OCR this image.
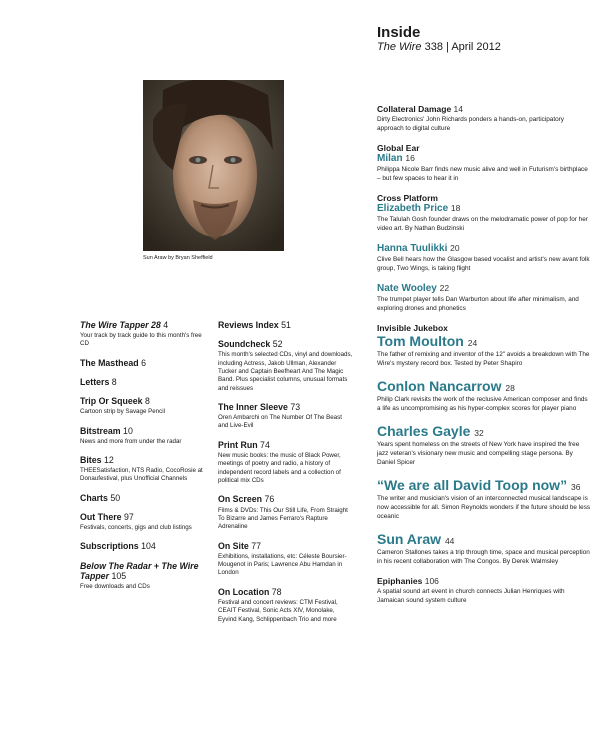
Inside
The Wire 338 | April 2012
Sun Araw by Bryan Sheffield
The Wire Tapper 28 4
Your track by track guide to this month's free CD
The Masthead 6
Letters 8
Trip Or Squeek 8
Cartoon strip by Savage Pencil
Bitstream 10
News and more from under the radar
Bites 12
THEESatisfaction, NTS Radio, CocoRosie at Donaufestival, plus Unofficial Channels
Charts 50
Out There 97
Festivals, concerts, gigs and club listings
Subscriptions 104
Below The Radar + The Wire Tapper 105
Free downloads and CDs
Reviews Index 51
Soundcheck 52
This month's selected CDs, vinyl and downloads, including Actress, Jakob Ullman, Alexander Tucker and Captain Beefheart And The Magic Band. Plus specialist columns, unusual formats and reissues
The Inner Sleeve 73
Oren Ambarchi on The Number Of The Beast and Live-Evil
Print Run 74
New music books: the music of Black Power, meetings of poetry and radio, a history of independent record labels and a collection of political mix CDs
On Screen 76
Films & DVDs: This Our Still Life, From Straight To Bizarre and James Ferraro's Rapture Adrenaline
On Site 77
Exhibitions, installations, etc: Céleste Boursier-Mougenot in Paris; Lawrence Abu Hamdan in London
On Location 78
Festival and concert reviews: CTM Festival, CEAIT Festival, Sonic Acts XIV, Monolake, Eyvind Kang, Schlippenbach Trio and more
Collateral Damage 14
Dirty Electronics' John Richards ponders a hands-on, participatory approach to digital culture
Global Ear
Milan 16
Philippa Nicole Barr finds new music alive and well in Futurism's birthplace – but few spaces to hear it in
Cross Platform
Elizabeth Price 18
The Talulah Gosh founder draws on the melodramatic power of pop for her video art. By Nathan Budzinski
Hanna Tuulikki 20
Clive Bell hears how the Glasgow based vocalist and artist's new avant folk group, Two Wings, is taking flight
Nate Wooley 22
The trumpet player tells Dan Warburton about life after minimalism, and exploring drones and phonetics
Invisible Jukebox
Tom Moulton 24
The father of remixing and inventor of the 12" avoids a breakdown with The Wire's mystery record box. Tested by Peter Shapiro
Conlon Nancarrow 28
Philip Clark revisits the work of the reclusive American composer and finds a life as uncompromising as his hyper-complex scores for player piano
Charles Gayle 32
Years spent homeless on the streets of New York have inspired the free jazz veteran's visionary new music and compelling stage persona. By Daniel Spicer
“We are all David Toop now” 36
The writer and musician's vision of an interconnected musical landscape is now accessible for all. Simon Reynolds wonders if the future should be less oceanic
Sun Araw 44
Cameron Stallones takes a trip through time, space and musical perception in his recent collaboration with The Congos. By Derek Walmsley
Epiphanies 106
A spatial sound art event in church connects Julian Henriques with Jamaican sound system culture
